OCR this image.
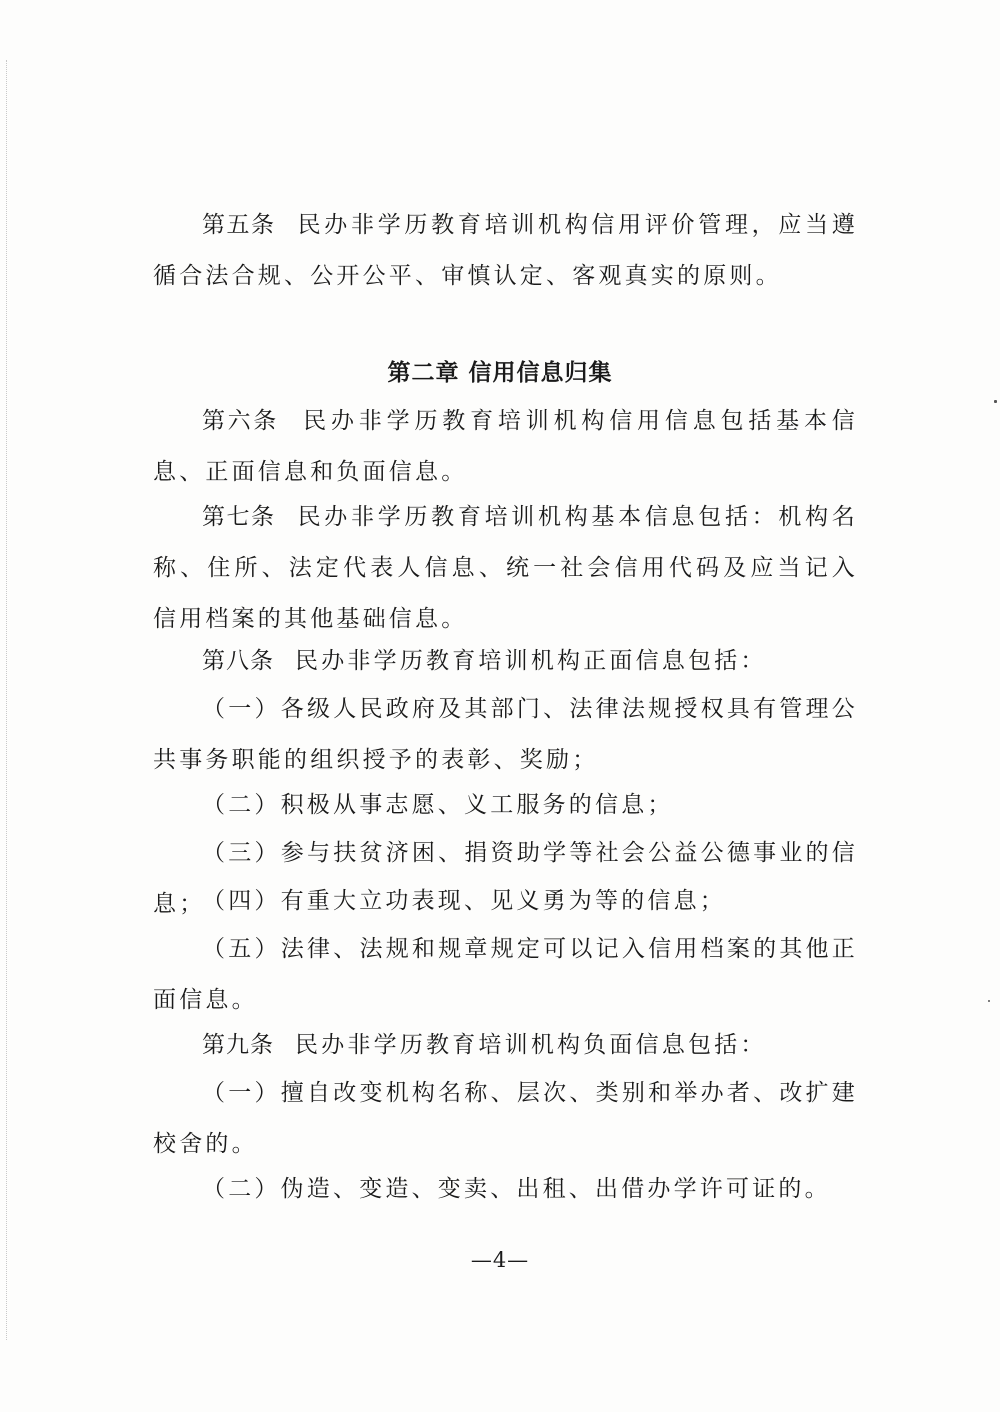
第五条 民办非学历教育培训机构信用评价管理，应当遵循合法合规、公开公平、审慎认定、客观真实的原则。

第二章 信用信息归集

第六条 民办非学历教育培训机构信用信息包括基本信息、正面信息和负面信息。

第七条 民办非学历教育培训机构基本信息包括：机构名称、住所、法定代表人信息、统一社会信用代码及应当记入信用档案的其他基础信息。

第八条 民办非学历教育培训机构正面信息包括：

（一）各级人民政府及其部门、法律法规授权具有管理公共事务职能的组织授予的表彰、奖励；

（二）积极从事志愿、义工服务的信息；

（三）参与扶贫济困、捐资助学等社会公益公德事业的信息；

（四）有重大立功表现、见义勇为等的信息；

（五）法律、法规和规章规定可以记入信用档案的其他正面信息。

第九条 民办非学历教育培训机构负面信息包括：

（一）擅自改变机构名称、层次、类别和举办者、改扩建校舍的。

（二）伪造、变造、变卖、出租、出借办学许可证的。

—4—
